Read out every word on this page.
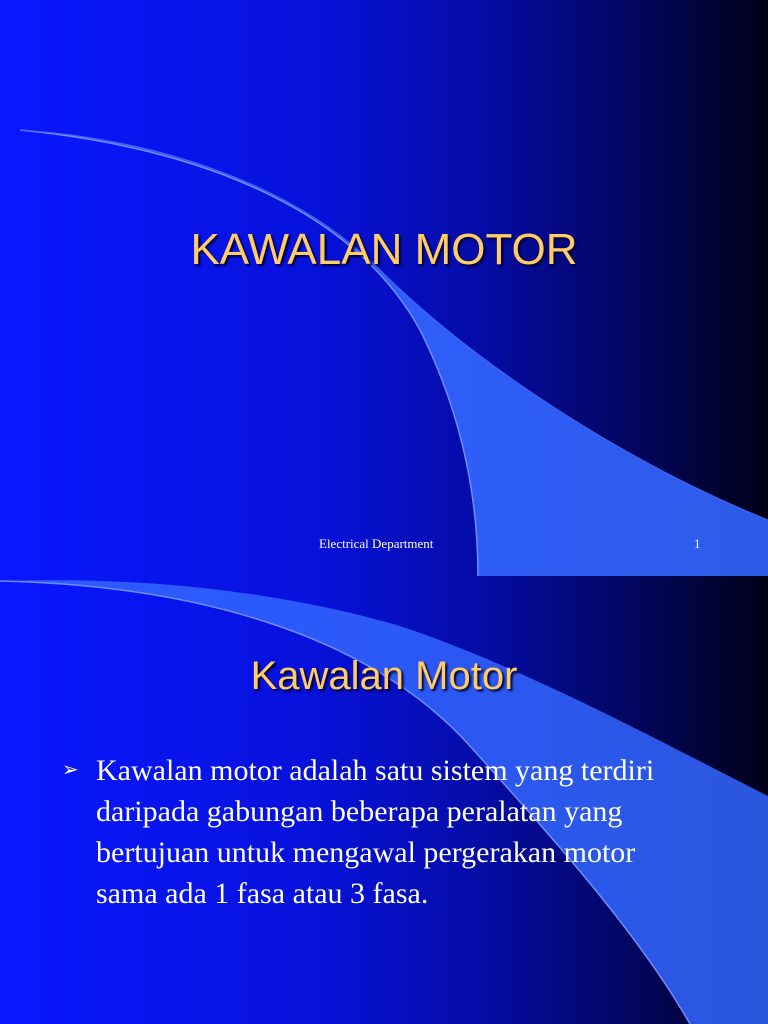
KAWALAN MOTOR
Electrical Department	1
Kawalan Motor
➢ Kawalan motor adalah satu sistem yang terdiri daripada gabungan beberapa peralatan yang bertujuan untuk mengawal pergerakan motor sama ada 1 fasa atau 3 fasa.
